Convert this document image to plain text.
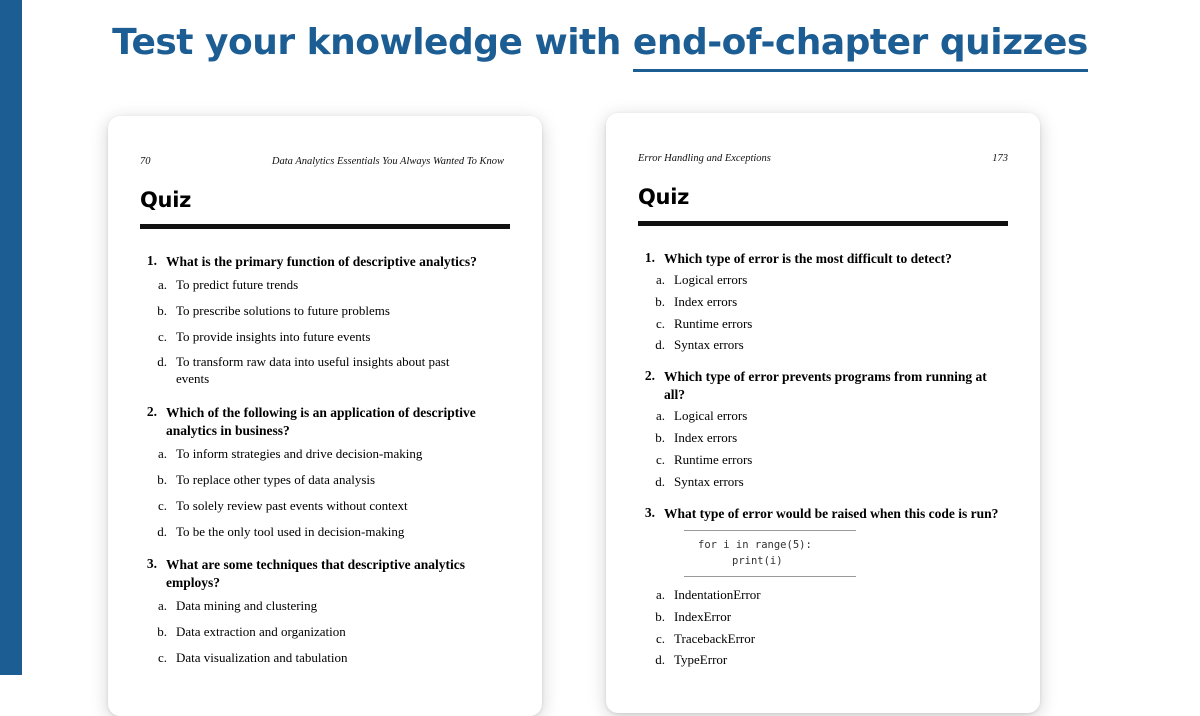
Test your knowledge with end-of-chapter quizzes
70	Data Analytics Essentials You Always Wanted To Know
Quiz
1. What is the primary function of descriptive analytics?
a. To predict future trends
b. To prescribe solutions to future problems
c. To provide insights into future events
d. To transform raw data into useful insights about past events
2. Which of the following is an application of descriptive analytics in business?
a. To inform strategies and drive decision-making
b. To replace other types of data analysis
c. To solely review past events without context
d. To be the only tool used in decision-making
3. What are some techniques that descriptive analytics employs?
a. Data mining and clustering
b. Data extraction and organization
c. Data visualization and tabulation
Error Handling and Exceptions	173
Quiz
1. Which type of error is the most difficult to detect?
a. Logical errors
b. Index errors
c. Runtime errors
d. Syntax errors
2. Which type of error prevents programs from running at all?
a. Logical errors
b. Index errors
c. Runtime errors
d. Syntax errors
3. What type of error would be raised when this code is run?
for i in range(5):
print(i)
a. IndentationError
b. IndexError
c. TracebackError
d. TypeError
